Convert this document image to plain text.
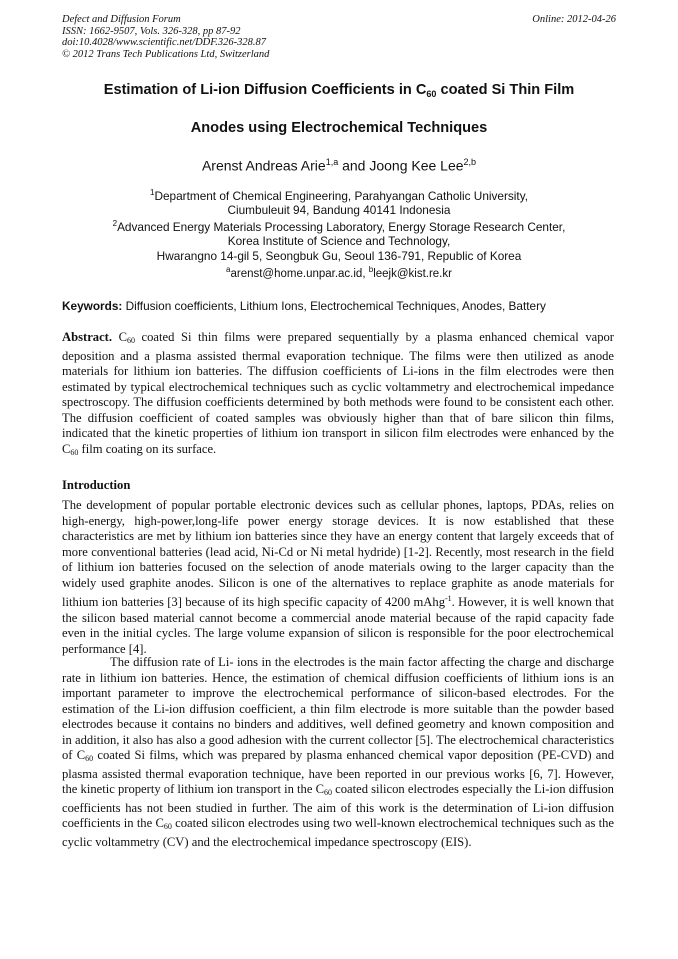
Defect and Diffusion Forum
ISSN: 1662-9507, Vols. 326-328, pp 87-92
doi:10.4028/www.scientific.net/DDF.326-328.87
© 2012 Trans Tech Publications Ltd, Switzerland
Online: 2012-04-26
Estimation of Li-ion Diffusion Coefficients in $C_{60}$ coated Si Thin Film
Anodes using Electrochemical Techniques
Arenst Andreas Arie$^{1,a}$ and Joong Kee Lee$^{2,b}$
$^1$Department of Chemical Engineering, Parahyangan Catholic University,
Ciumbuleuit 94, Bandung 40141 Indonesia
$^2$Advanced Energy Materials Processing Laboratory, Energy Storage Research Center,
Korea Institute of Science and Technology,
Hwarangno 14-gil 5, Seongbuk Gu, Seoul 136-791, Republic of Korea
$^a$arenst@home.unpar.ac.id, $^b$leejk@kist.re.kr
Keywords: Diffusion coefficients, Lithium Ions, Electrochemical Techniques, Anodes, Battery

Abstract. $C_{60}$ coated Si thin films were prepared sequentially by a plasma enhanced chemical vapor deposition and a plasma assisted thermal evaporation technique. The films were then utilized as anode materials for lithium ion batteries. The diffusion coefficients of Li-ions in the film electrodes were then estimated by typical electrochemical techniques such as cyclic voltammetry and electrochemical impedance spectroscopy. The diffusion coefficients determined by both methods were found to be consistent each other. The diffusion coefficient of coated samples was obviously higher than that of bare silicon thin films, indicated that the kinetic properties of lithium ion transport in silicon film electrodes were enhanced by the $C_{60}$ film coating on its surface.

Introduction

The development of popular portable electronic devices such as cellular phones, laptops, PDAs, relies on high-energy, high-power,long-life power energy storage devices. It is now established that these characteristics are met by lithium ion batteries since they have an energy content that largely exceeds that of more conventional batteries (lead acid, Ni-Cd or Ni metal hydride) [1-2]. Recently, most research in the field of lithium ion batteries focused on the selection of anode materials owing to the larger capacity than the widely used graphite anodes. Silicon is one of the alternatives to replace graphite as anode materials for lithium ion batteries [3] because of its high specific capacity of 4200 mAhg$^{-1}$. However, it is well known that the silicon based material cannot become a commercial anode material because of the rapid capacity fade even in the initial cycles. The large volume expansion of silicon is responsible for the poor electrochemical performance [4].

The diffusion rate of Li- ions in the electrodes is the main factor affecting the charge and discharge rate in lithium ion batteries. Hence, the estimation of chemical diffusion coefficients of lithium ions is an important parameter to improve the electrochemical performance of silicon-based electrodes. For the estimation of the Li-ion diffusion coefficient, a thin film electrode is more suitable than the powder based electrodes because it contains no binders and additives, well defined geometry and known composition and in addition, it also has also a good adhesion with the current collector [5]. The electrochemical characteristics of $C_{60}$ coated Si films, which was prepared by plasma enhanced chemical vapor deposition (PE-CVD) and plasma assisted thermal evaporation technique, have been reported in our previous works [6, 7]. However, the kinetic property of lithium ion transport in the $C_{60}$ coated silicon electrodes especially the Li-ion diffusion coefficients has not been studied in further. The aim of this work is the determination of Li-ion diffusion coefficients in the $C_{60}$ coated silicon electrodes using two well-known electrochemical techniques such as the cyclic voltammetry (CV) and the electrochemical impedance spectroscopy (EIS).
